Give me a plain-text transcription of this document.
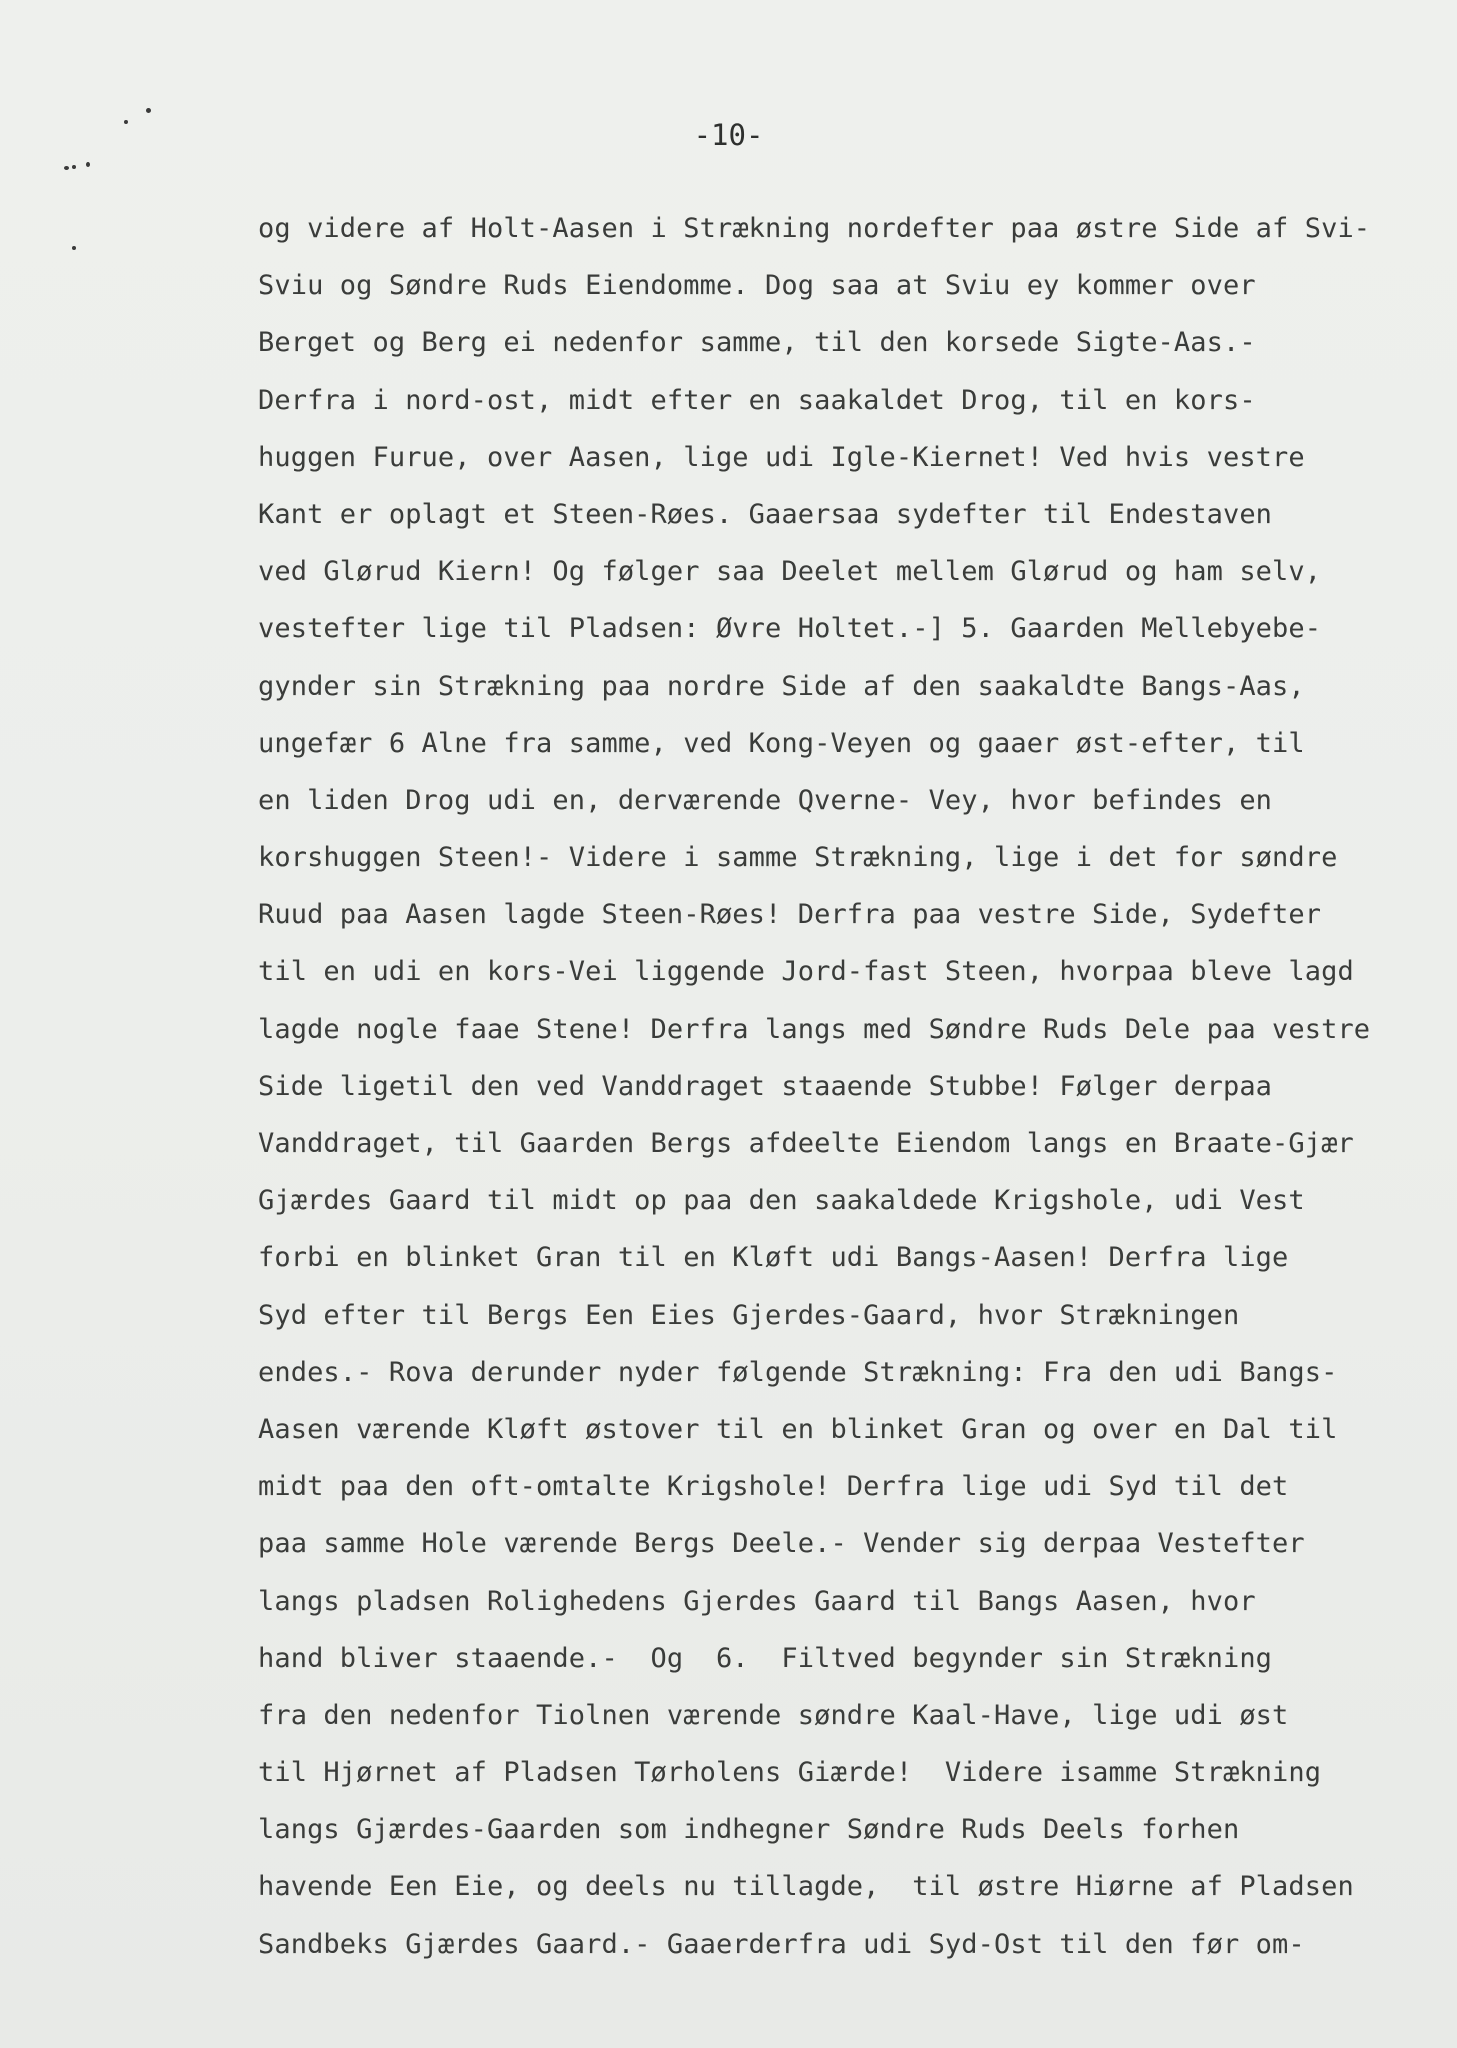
-10-
og videre af Holt-Aasen i Strækning nordefter paa østre Side af Svi-
Sviu og Søndre Ruds Eiendomme. Dog saa at Sviu ey kommer over
Berget og Berg ei nedenfor samme, til den korsede Sigte-Aas.-
Derfra i nord-ost, midt efter en saakaldet Drog, til en kors-
huggen Furue, over Aasen, lige udi Igle-Kiernet! Ved hvis vestre
Kant er oplagt et Steen-Røes. Gaaersaa sydefter til Endestaven
ved Glørud Kiern! Og følger saa Deelet mellem Glørud og ham selv,
vestefter lige til Pladsen: Øvre Holtet.-] 5. Gaarden Mellebyebe-
gynder sin Strækning paa nordre Side af den saakaldte Bangs-Aas,
ungefær 6 Alne fra samme, ved Kong-Veyen og gaaer øst-efter, til
en liden Drog udi en, derværende Qverne- Vey, hvor befindes en
korshuggen Steen!- Videre i samme Strækning, lige i det for søndre
Ruud paa Aasen lagde Steen-Røes! Derfra paa vestre Side, Sydefter
til en udi en kors-Vei liggende Jord-fast Steen, hvorpaa bleve lagd
lagde nogle faae Stene! Derfra langs med Søndre Ruds Dele paa vestre
Side ligetil den ved Vanddraget staaende Stubbe! Følger derpaa
Vanddraget, til Gaarden Bergs afdeelte Eiendom langs en Braate-Gjær
Gjærdes Gaard til midt op paa den saakaldede Krigshole, udi Vest
forbi en blinket Gran til en Kløft udi Bangs-Aasen! Derfra lige
Syd efter til Bergs Een Eies Gjerdes-Gaard, hvor Strækningen
endes.- Rova derunder nyder følgende Strækning: Fra den udi Bangs-
Aasen værende Kløft østover til en blinket Gran og over en Dal til
midt paa den oft-omtalte Krigshole! Derfra lige udi Syd til det
paa samme Hole værende Bergs Deele.- Vender sig derpaa Vestefter
langs pladsen Rolighedens Gjerdes Gaard til Bangs Aasen, hvor
hand bliver staaende.-  Og  6.  Filtved begynder sin Strækning
fra den nedenfor Tiolnen værende søndre Kaal-Have, lige udi øst
til Hjørnet af Pladsen Tørholens Giærde!  Videre isamme Strækning
langs Gjærdes-Gaarden som indhegner Søndre Ruds Deels forhen
havende Een Eie, og deels nu tillagde,  til østre Hiørne af Pladsen
Sandbeks Gjærdes Gaard.- Gaaerderfra udi Syd-Ost til den før om-
